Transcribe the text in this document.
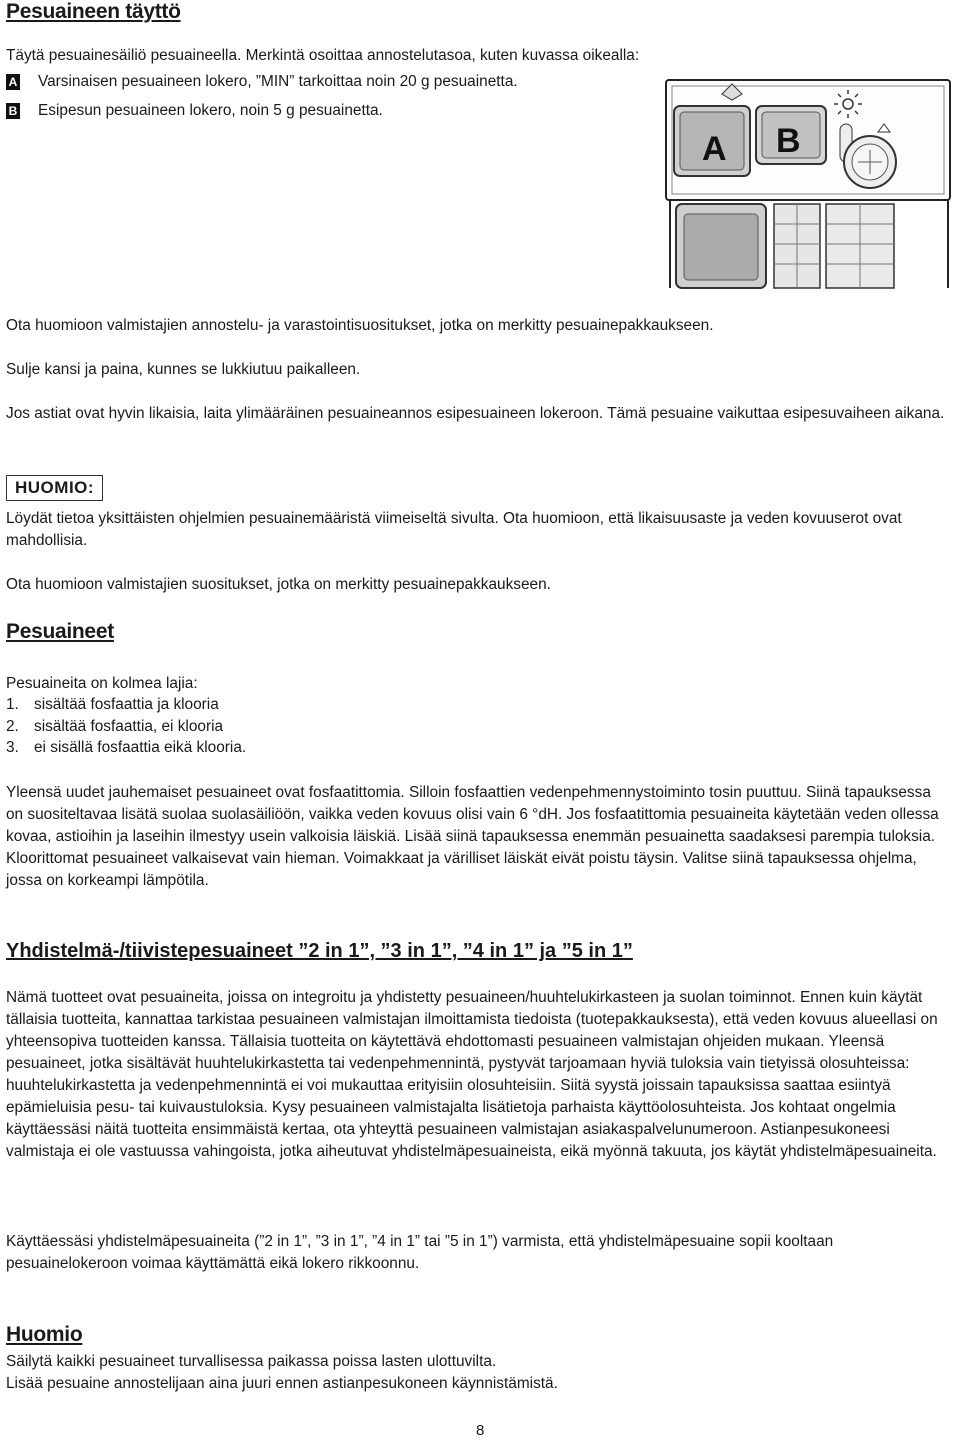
Pesuaineen täyttö

Täytä pesuainesäiliö pesuaineella. Merkintä osoittaa annostelutasoa, kuten kuvassa oikealla:

A Varsinaisen pesuaineen lokero, ”MIN” tarkoittaa noin 20 g pesuainetta.
B Esipesun pesuaineen lokero, noin 5 g pesuainetta.
A B

Ota huomioon valmistajien annostelu- ja varastointisuositukset, jotka on merkitty pesuainepakkaukseen.

Sulje kansi ja paina, kunnes se lukkiutuu paikalleen.

Jos astiat ovat hyvin likaisia, laita ylimääräinen pesuaineannos esipesuaineen lokeroon. Tämä pesuaine vaikuttaa esipesuvaiheen aikana.

HUOMIO:

Löydät tietoa yksittäisten ohjelmien pesuainemääristä viimeiseltä sivulta. Ota huomioon, että likaisuusaste ja veden kovuuserot ovat mahdollisia.

Ota huomioon valmistajien suositukset, jotka on merkitty pesuainepakkaukseen.

Pesuaineet

Pesuaineita on kolmea lajia:

1. sisältää fosfaattia ja klooria
2. sisältää fosfaattia, ei klooria
3. ei sisällä fosfaattia eikä klooria.

Yleensä uudet jauhemaiset pesuaineet ovat fosfaatittomia. Silloin fosfaattien vedenpehmennystoiminto tosin puuttuu. Siinä tapauksessa on suositeltavaa lisätä suolaa suolasäiliöön, vaikka veden kovuus olisi vain 6 °dH. Jos fosfaatittomia pesuaineita käytetään veden ollessa kovaa, astioihin ja laseihin ilmestyy usein valkoisia läiskiä. Lisää siinä tapauksessa enemmän pesuainetta saadaksesi parempia tuloksia. Kloorittomat pesuaineet valkaisevat vain hieman. Voimakkaat ja värilliset läiskät eivät poistu täysin. Valitse siinä tapauksessa ohjelma, jossa on korkeampi lämpötila.

Yhdistelmä-/tiivistepesuaineet ”2 in 1”, ”3 in 1”, ”4 in 1” ja ”5 in 1”

Nämä tuotteet ovat pesuaineita, joissa on integroitu ja yhdistetty pesuaineen/huuhtelukirkasteen ja suolan toiminnot. Ennen kuin käytät tällaisia tuotteita, kannattaa tarkistaa pesuaineen valmistajan ilmoittamista tiedoista (tuotepakkauksesta), että veden kovuus alueellasi on yhteensopiva tuotteiden kanssa. Tällaisia tuotteita on käytettävä ehdottomasti pesuaineen valmistajan ohjeiden mukaan. Yleensä pesuaineet, jotka sisältävät huuhtelukirkastetta tai vedenpehmennintä, pystyvät tarjoamaan hyviä tuloksia vain tietyissä olosuhteissa: huuhtelukirkastetta ja vedenpehmennintä ei voi mukauttaa erityisiin olosuhteisiin. Siitä syystä joissain tapauksissa saattaa esiintyä epämieluisia pesu- tai kuivaustuloksia. Kysy pesuaineen valmistajalta lisätietoja parhaista käyttöolosuhteista. Jos kohtaat ongelmia käyttäessäsi näitä tuotteita ensimmäistä kertaa, ota yhteyttä pesuaineen valmistajan asiakaspalvelunumeroon. Astianpesukoneesi valmistaja ei ole vastuussa vahingoista, jotka aiheutuvat yhdistelmäpesuaineista, eikä myönnä takuuta, jos käytät yhdistelmäpesuaineita.

Käyttäessäsi yhdistelmäpesuaineita (”2 in 1”, ”3 in 1”, ”4 in 1” tai ”5 in 1”) varmista, että yhdistelmäpesuaine sopii kooltaan pesuainelokeroon voimaa käyttämättä eikä lokero rikkoonnu.

Huomio

Säilytä kaikki pesuaineet turvallisessa paikassa poissa lasten ulottuvilta.

Lisää pesuaine annostelijaan aina juuri ennen astianpesukoneen käynnistämistä.

8
